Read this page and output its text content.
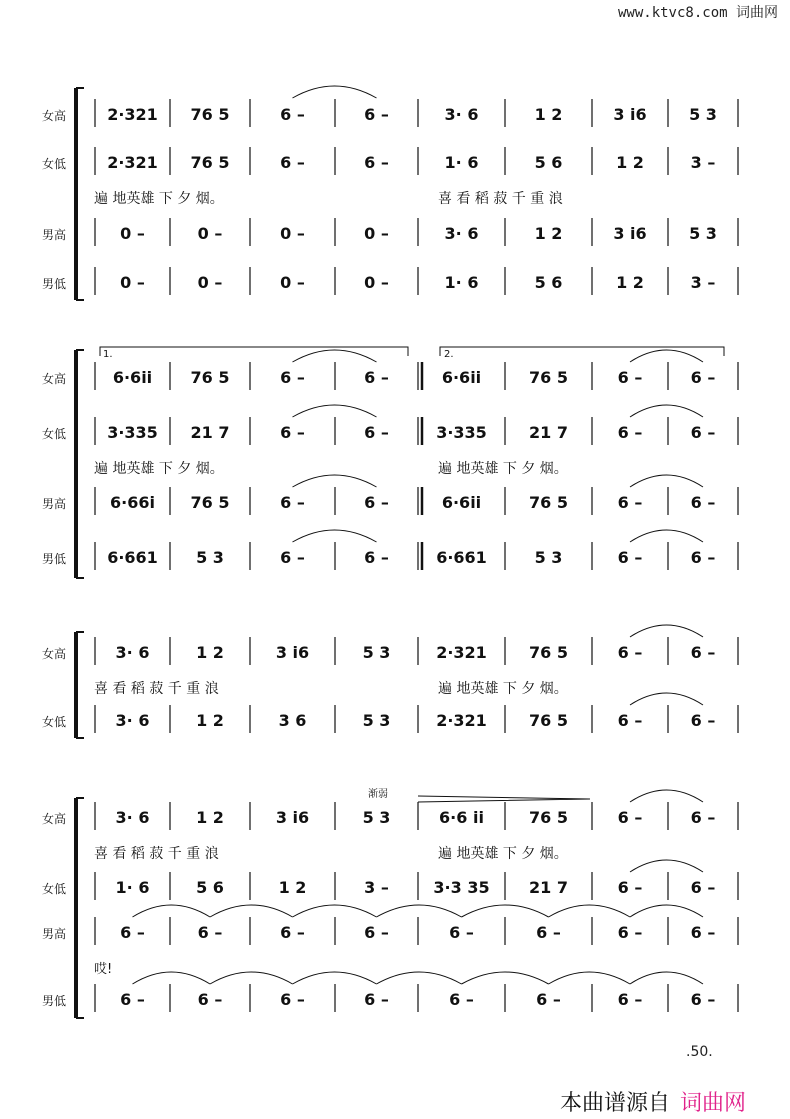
www.ktvc8.com 词曲网
女高	2·321 76 5	6 –	6 –	3· 6	1 2	3 i6	5 3
女低	2·321 76 5	6 –	6 –	1· 6	5 6	1 2	3 –
遍 地英雄 下 夕 烟。	喜 看 稻 菽 千 重 浪
男高	0 –	0 –	0 –	0 –	3· 6	1 2	3 i6	5 3
男低	0 –	0 –	0 –	0 –	1· 6	5 6	1 2	3 –
女高	6·6ii 76 5	6 –	6 –	6·6ii	76 5	6 –	6 –
女低	3·335 21 7	6 –	6 –	3·335	21 7	6 –	6 –
遍 地英雄 下 夕 烟。	遍 地英雄 下 夕 烟。
男高	6·66i 76 5	6 –	6 –	6·6ii	76 5	6 –	6 –
男低	6·661 5 3	6 –	6 –	6·661	5 3	6 –	6 –
1.	2.
女高	3· 6	1 2	3 i6	5 3	2·321	76 5	6 –	6 –
喜 看 稻 菽 千 重 浪	遍 地英雄 下 夕 烟。
女低	3· 6	1 2	3 6	5 3	2·321	76 5	6 –	6 –
女高	3· 6	1 2	3 i6	5 3	6·6 ii	76 5	6 –	6 –
喜 看 稻 菽 千 重 浪	遍 地英雄 下 夕 烟。
女低	1· 6	5 6	1 2	3 –	3·3 35 21 7	6 –	6 –
男高	6 –	6 –	6 –	6 –	6 –	6 –	6 –	6 –
哎!
男低	6 –	6 –	6 –	6 –	6 –	6 –	6 –	6 –
渐弱
.50.
本曲谱源自 词曲网
